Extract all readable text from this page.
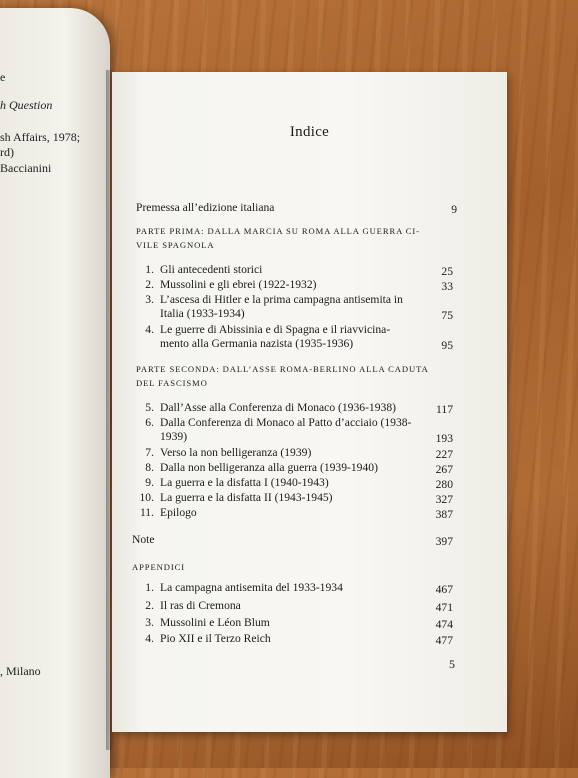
e
h Question
sh Affairs, 1978;
rd)
Baccianini
, Milano
Indice
Premessa all’edizione italiana	9
PARTE PRIMA: DALLA MARCIA SU ROMA ALLA GUERRA CI-
VILE SPAGNOLA
1. Gli antecedenti storici	25
2. Mussolini e gli ebrei (1922-1932)	33
3. L’ascesa di Hitler e la prima campagna antisemita in
Italia (1933-1934)	75
4. Le guerre di Abissinia e di Spagna e il riavvicina-
mento alla Germania nazista (1935-1936)	95
PARTE SECONDA: DALL’ASSE ROMA-BERLINO ALLA CADUTA
DEL FASCISMO
5. Dall’Asse alla Conferenza di Monaco (1936-1938)	117
6. Dalla Conferenza di Monaco al Patto d’acciaio (1938-
1939)	193
7. Verso la non belligeranza (1939)	227
8. Dalla non belligeranza alla guerra (1939-1940)	267
9. La guerra e la disfatta I (1940-1943)	280
10. La guerra e la disfatta II (1943-1945)	327
11. Epilogo	387
Note	397
APPENDICI
1. La campagna antisemita del 1933-1934	467
2. Il ras di Cremona	471
3. Mussolini e Léon Blum	474
4. Pio XII e il Terzo Reich	477
5
